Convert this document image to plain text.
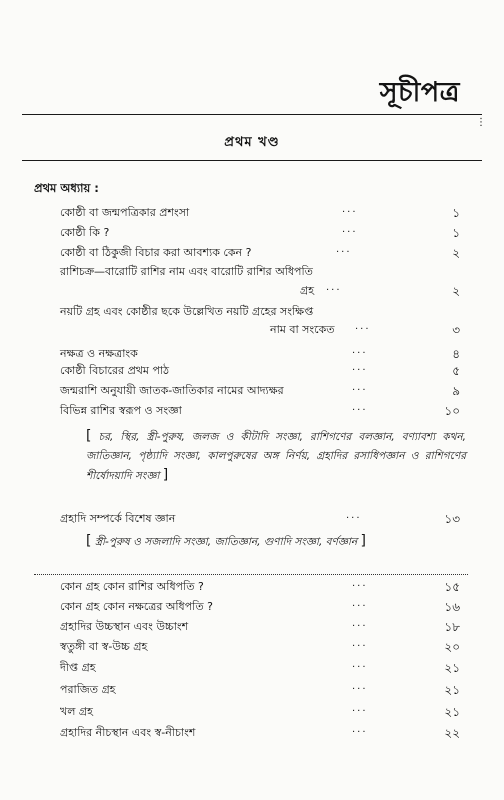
সূচীপত্র
⋮
প্রথম খণ্ড
প্রথম অধ্যায় :
কোষ্ঠী বা জন্মপত্রিকার প্রশংসা	···	১
কোষ্ঠী কি ?	···	১
কোষ্ঠী বা ঠিকুজী বিচার করা আবশ্যক কেন ?	···	২
রাশিচক্র—বারোটি রাশির নাম এবং বারোটি রাশির অধিপতি
গ্রহ ···	২
নয়টি গ্রহ এবং কোষ্ঠীর ছকে উল্লেখিত নয়টি গ্রহের সংক্ষিপ্ত
নাম বা সংকেত ···	৩
নক্ষত্র ও নক্ষত্রাংক	···	৪
কোষ্ঠী বিচারের প্রথম পাঠ	···	৫
জন্মরাশি অনুযায়ী জাতক-জাতিকার নামের আদ্যক্ষর	···	৯
বিভিন্ন রাশির স্বরূপ ও সংজ্ঞা	···	১০
[ চর, স্থির, স্ত্রী-পুরুষ, জলজ ও কীটাদি সংজ্ঞা, রাশিগণের বলজ্ঞান, বণ্যাবশ্য কথন, জাতিজ্ঞান, পৃষ্ঠ্যাদি সংজ্ঞা, কালপুরুষের অঙ্গ নির্ণয়, গ্রহাদির রসাধিপজ্ঞান ও রাশিগণের শীর্ষোদয়াদি সংজ্ঞা ]
গ্রহাদি সম্পর্কে বিশেষ জ্ঞান	···	১৩
[ স্ত্রী-পুরুষ ও সজলাদি সংজ্ঞা, জাতিজ্ঞান, গুণাদি সংজ্ঞা, বর্ণজ্ঞান ]
কোন গ্রহ কোন রাশির অধিপতি ?	···	১৫
কোন গ্রহ কোন নক্ষত্রের অধিপতি ?	···	১৬
গ্রহাদির উচ্চস্থান এবং উচ্চাংশ	···	১৮
স্বতুঙ্গী বা স্ব-উচ্চ গ্রহ	···	২০
দীপ্ত গ্রহ	···	২১
পরাজিত গ্রহ	···	২১
খল গ্রহ	···	২১
গ্রহাদির নীচস্থান এবং স্ব-নীচাংশ	···	২২
